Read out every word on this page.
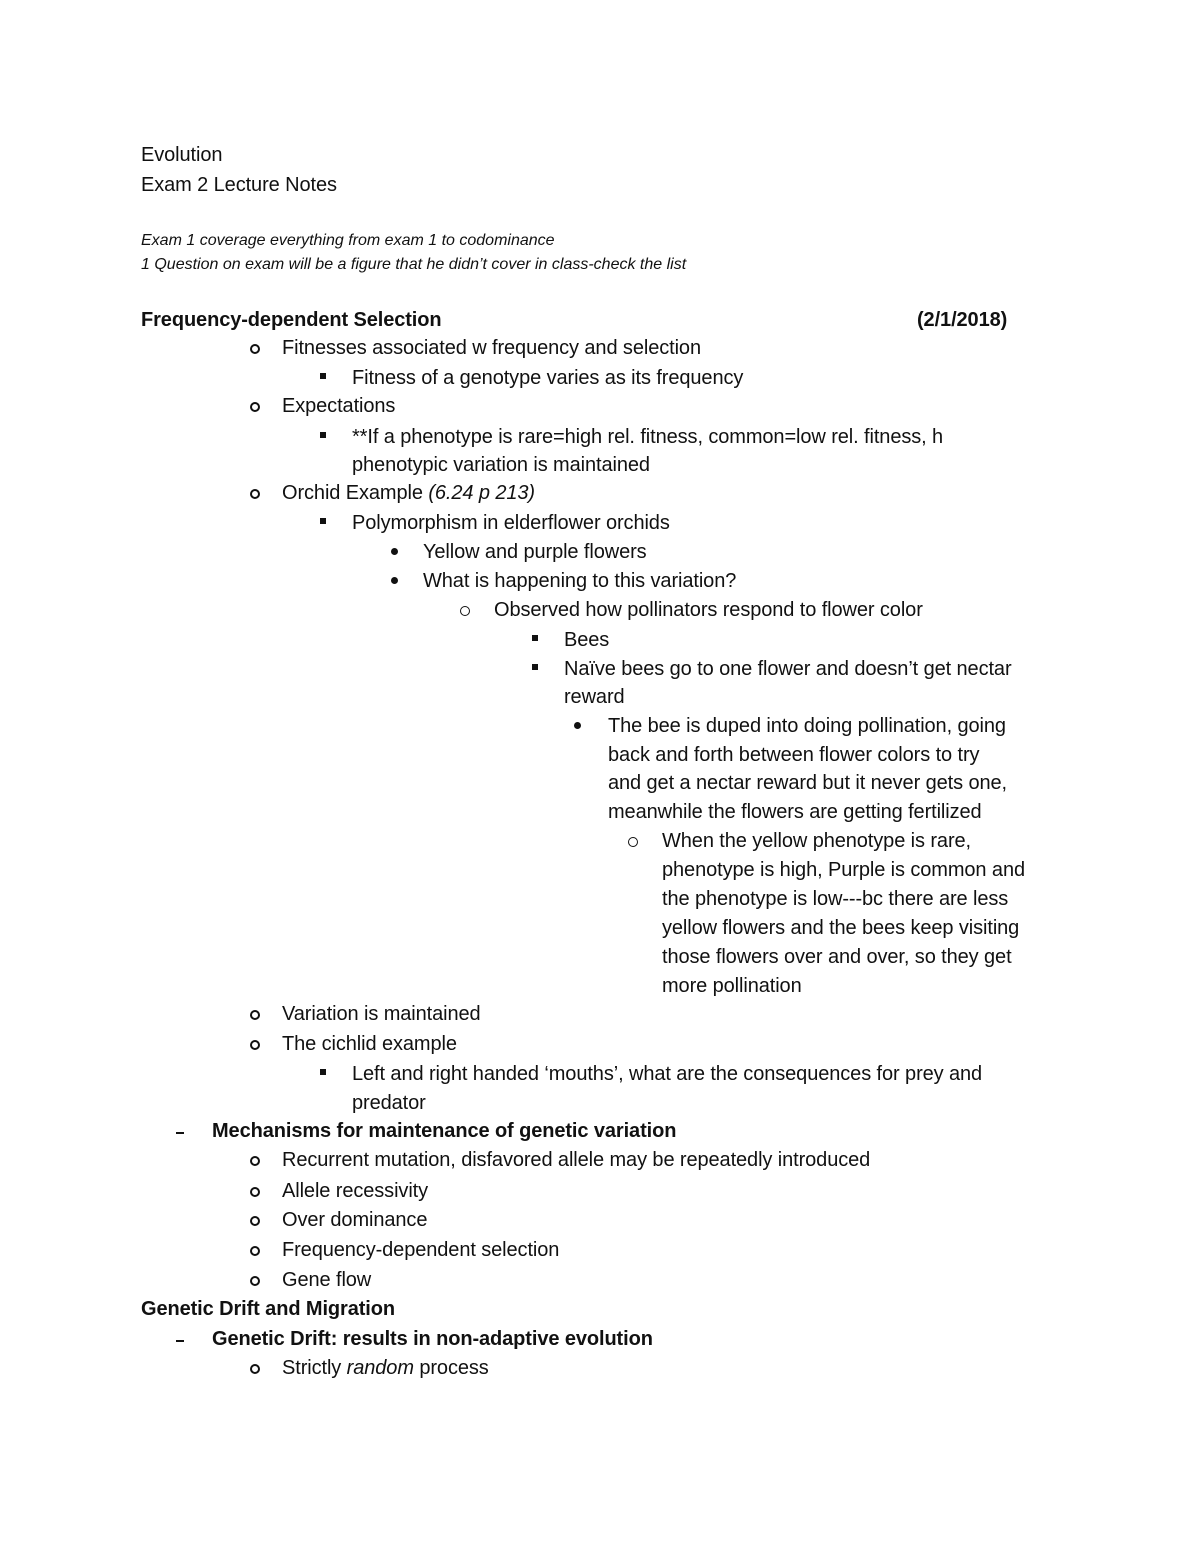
Evolution
Exam 2 Lecture Notes
Exam 1 coverage everything from exam 1 to codominance
1 Question on exam will be a figure that he didn’t cover in class-check the list
Frequency-dependent Selection	(2/1/2018)
Fitnesses associated w frequency and selection
Fitness of a genotype varies as its frequency
Expectations
**If a phenotype is rare=high rel. fitness, common=low rel. fitness, h
phenotypic variation is maintained
Orchid Example (6.24 p 213)
Polymorphism in elderflower orchids
Yellow and purple flowers
What is happening to this variation?
Observed how pollinators respond to flower color
Bees
Naïve bees go to one flower and doesn’t get nectar
reward
The bee is duped into doing pollination, going
back and forth between flower colors to try
and get a nectar reward but it never gets one,
meanwhile the flowers are getting fertilized
When the yellow phenotype is rare,
phenotype is high, Purple is common and
the phenotype is low---bc there are less
yellow flowers and the bees keep visiting
those flowers over and over, so they get
more pollination
Variation is maintained
The cichlid example
Left and right handed ‘mouths’, what are the consequences for prey and
predator
Mechanisms for maintenance of genetic variation
Recurrent mutation, disfavored allele may be repeatedly introduced
Allele recessivity
Over dominance
Frequency-dependent selection
Gene flow
Genetic Drift and Migration
Genetic Drift: results in non-adaptive evolution
Strictly random process
